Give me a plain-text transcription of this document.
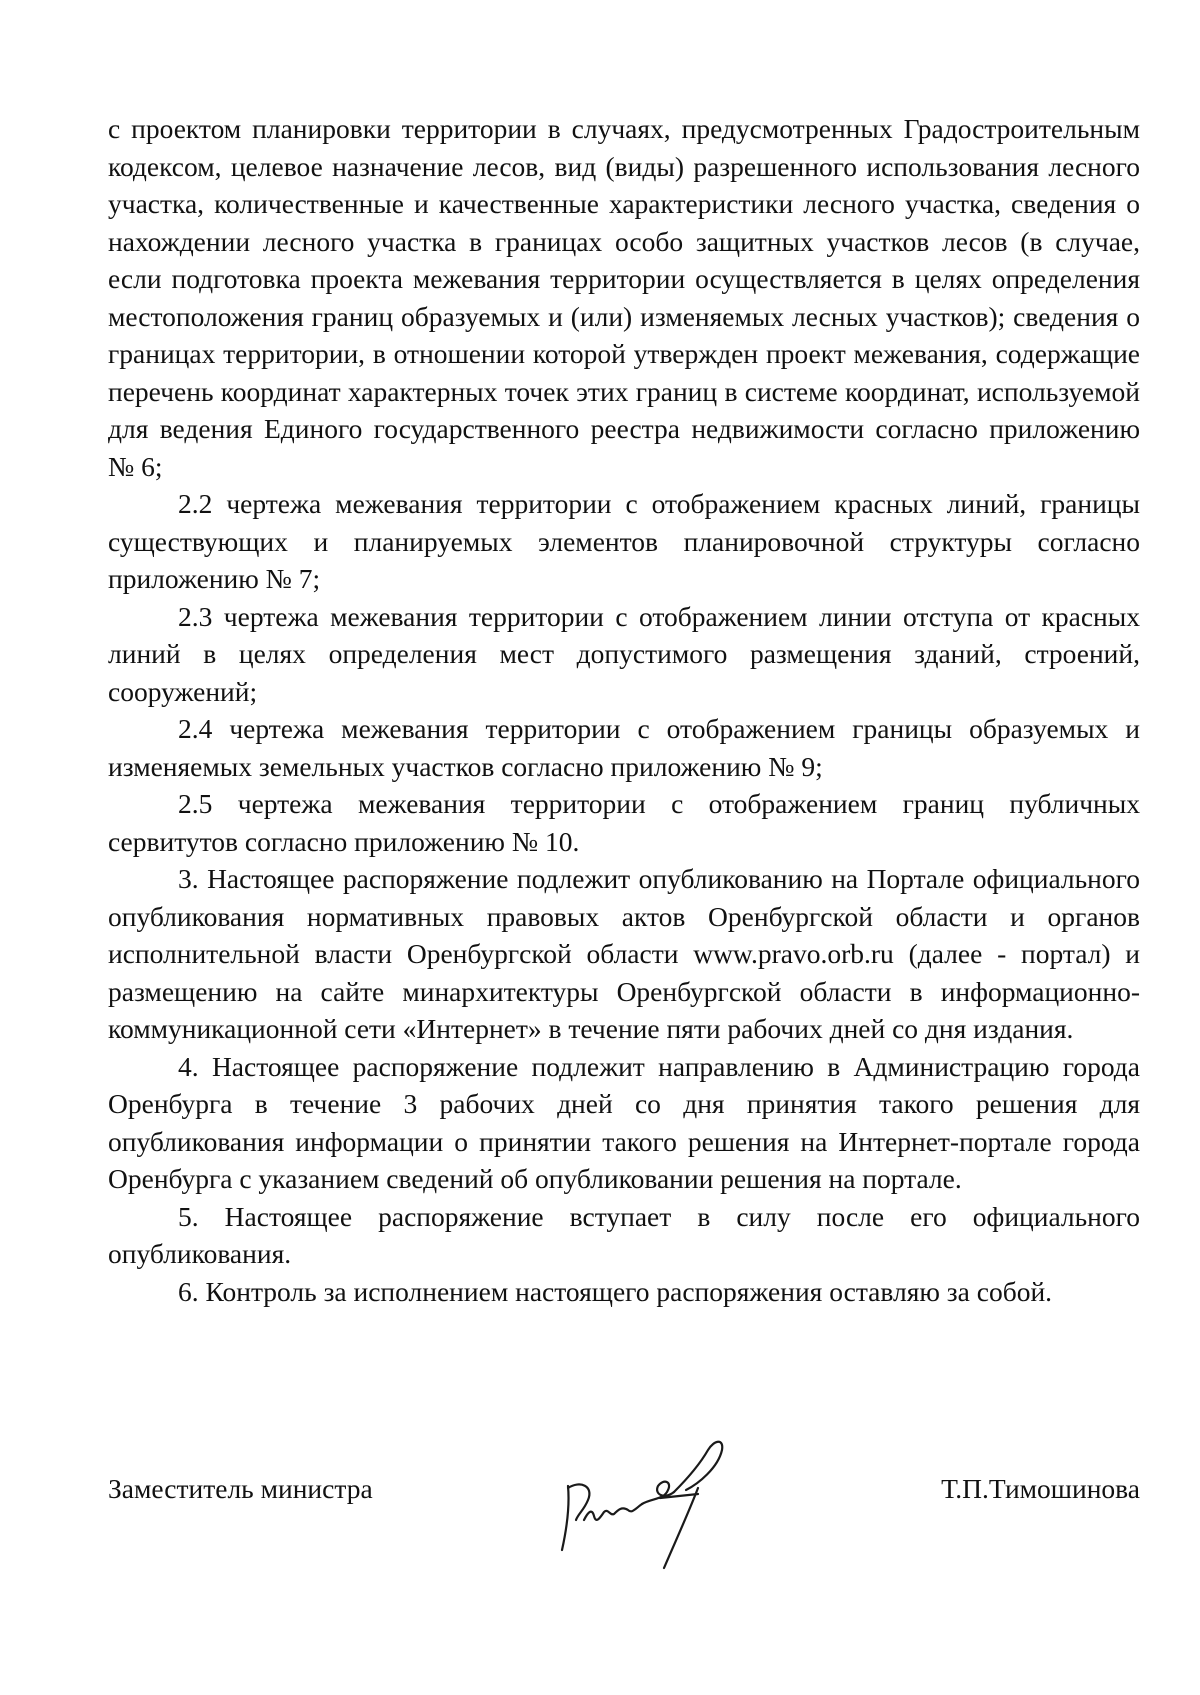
с проектом планировки территории в случаях, предусмотренных Градостроительным кодексом, целевое назначение лесов, вид (виды) разрешенного использования лесного участка, количественные и качественные характеристики лесного участка, сведения о нахождении лесного участка в границах особо защитных участков лесов (в случае, если подготовка проекта межевания территории осуществляется в целях определения местоположения границ образуемых и (или) изменяемых лесных участков); сведения о границах территории, в отношении которой утвержден проект межевания, содержащие перечень координат характерных точек этих границ в системе координат, используемой для ведения Единого государственного реестра недвижимости согласно приложению № 6;

2.2 чертежа межевания территории с отображением красных линий, границы существующих и планируемых элементов планировочной структуры согласно приложению № 7;

2.3 чертежа межевания территории с отображением линии отступа от красных линий в целях определения мест допустимого размещения зданий, строений, сооружений;

2.4 чертежа межевания территории с отображением границы образуемых и изменяемых земельных участков согласно приложению № 9;

2.5 чертежа межевания территории с отображением границ публичных сервитутов согласно приложению № 10.

3. Настоящее распоряжение подлежит опубликованию на Портале официального опубликования нормативных правовых актов Оренбургской области и органов исполнительной власти Оренбургской области www.pravo.orb.ru (далее - портал) и размещению на сайте минархитектуры Оренбургской области в информационно-коммуникационной сети «Интернет» в течение пяти рабочих дней со дня издания.

4. Настоящее распоряжение подлежит направлению в Администрацию города Оренбурга в течение 3 рабочих дней со дня принятия такого решения для опубликования информации о принятии такого решения на Интернет-портале города Оренбурга с указанием сведений об опубликовании решения на портале.

5. Настоящее распоряжение вступает в силу после его официального опубликования.

6. Контроль за исполнением настоящего распоряжения оставляю за собой.

Заместитель министра	Т.П.Тимошинова
